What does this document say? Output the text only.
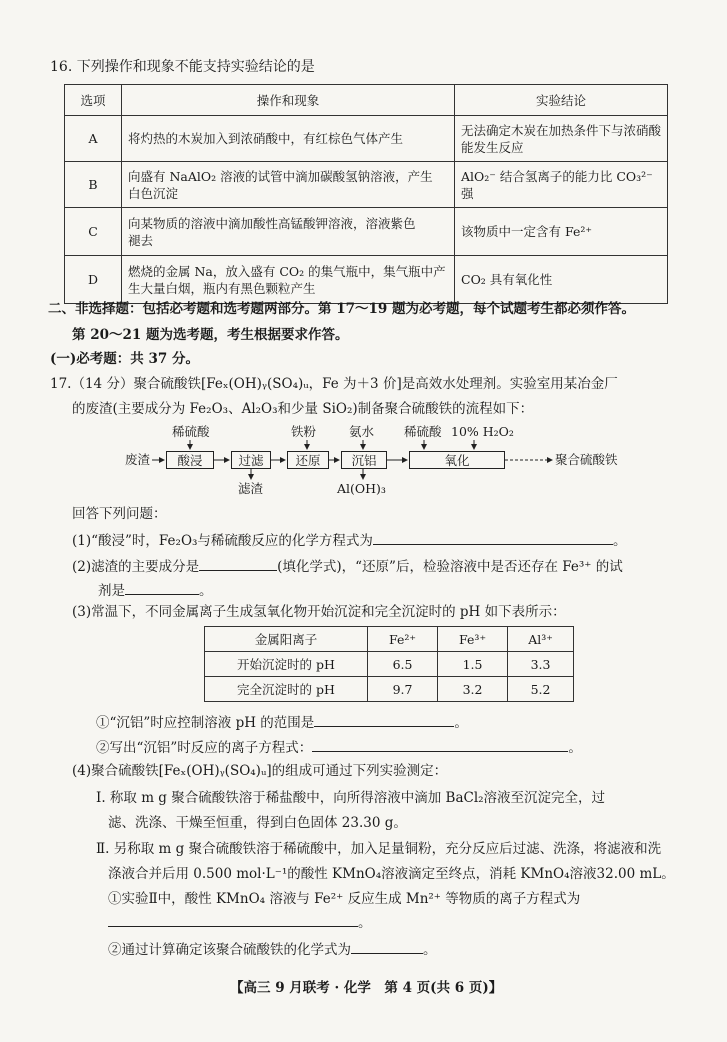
16. 下列操作和现象不能支持实验结论的是
选项	操作和现象	实验结论
A	将灼热的木炭加入到浓硝酸中，有红棕色气体产生	无法确定木炭在加热条件下与浓硝酸
能发生反应

B	向盛有 NaAlO₂ 溶液的试管中滴加碳酸氢钠溶液，产生
白色沉淀	AlO₂⁻ 结合氢离子的能力比 CO₃²⁻ 强

C	向某物质的溶液中滴加酸性高锰酸钾溶液，溶液紫色
褪去	该物质中一定含有 Fe²⁺

D	燃烧的金属 Na，放入盛有 CO₂ 的集气瓶中，集气瓶中产
生大量白烟，瓶内有黑色颗粒产生	CO₂ 具有氧化性
二、非选择题：包括必考题和选考题两部分。第 17～19 题为必考题，每个试题考生都必须作答。
第 20～21 题为选考题，考生根据要求作答。
(一)必考题：共 37 分。
17.（14 分）聚合硫酸铁[Feₓ(OH)ᵧ(SO₄)ᵤ，Fe 为＋3 价]是高效水处理剂。实验室用某冶金厂
的废渣(主要成分为 Fe₂O₃、Al₂O₃和少量 SiO₂)制备聚合硫酸铁的流程如下：
稀硫酸	铁粉	氨水 稀硫酸 10% H₂O₂
废渣	酸浸	过滤	还原	沉铝	氧化	聚合硫酸铁
滤渣	Al(OH)₃
回答下列问题：
(1)“酸浸”时，Fe₂O₃与稀硫酸反应的化学方程式为	。
(2)滤渣的主要成分是	(填化学式)，“还原”后，检验溶液中是否还存在 Fe³⁺ 的试
剂是	。
(3)常温下，不同金属离子生成氢氧化物开始沉淀和完全沉淀时的 pH 如下表所示：
金属阳离子	Fe²⁺	Fe³⁺	Al³⁺
开始沉淀时的 pH	6.5	1.5	3.3
完全沉淀时的 pH	9.7	3.2	5.2
①“沉铝”时应控制溶液 pH 的范围是	。
②写出“沉铝”时反应的离子方程式：	。
(4)聚合硫酸铁[Feₓ(OH)ᵧ(SO₄)ᵤ]的组成可通过下列实验测定：
Ⅰ. 称取 m g 聚合硫酸铁溶于稀盐酸中，向所得溶液中滴加 BaCl₂溶液至沉淀完全，过
滤、洗涤、干燥至恒重，得到白色固体 23.30 g。
Ⅱ. 另称取 m g 聚合硫酸铁溶于稀硫酸中，加入足量铜粉，充分反应后过滤、洗涤，将滤液和洗
涤液合并后用 0.500 mol·L⁻¹的酸性 KMnO₄溶液滴定至终点，消耗 KMnO₄溶液32.00 mL。
①实验Ⅱ中，酸性 KMnO₄ 溶液与 Fe²⁺ 反应生成 Mn²⁺ 等物质的离子方程式为
。
②通过计算确定该聚合硫酸铁的化学式为	。
【高三 9 月联考 · 化学　第 4 页(共 6 页)】
